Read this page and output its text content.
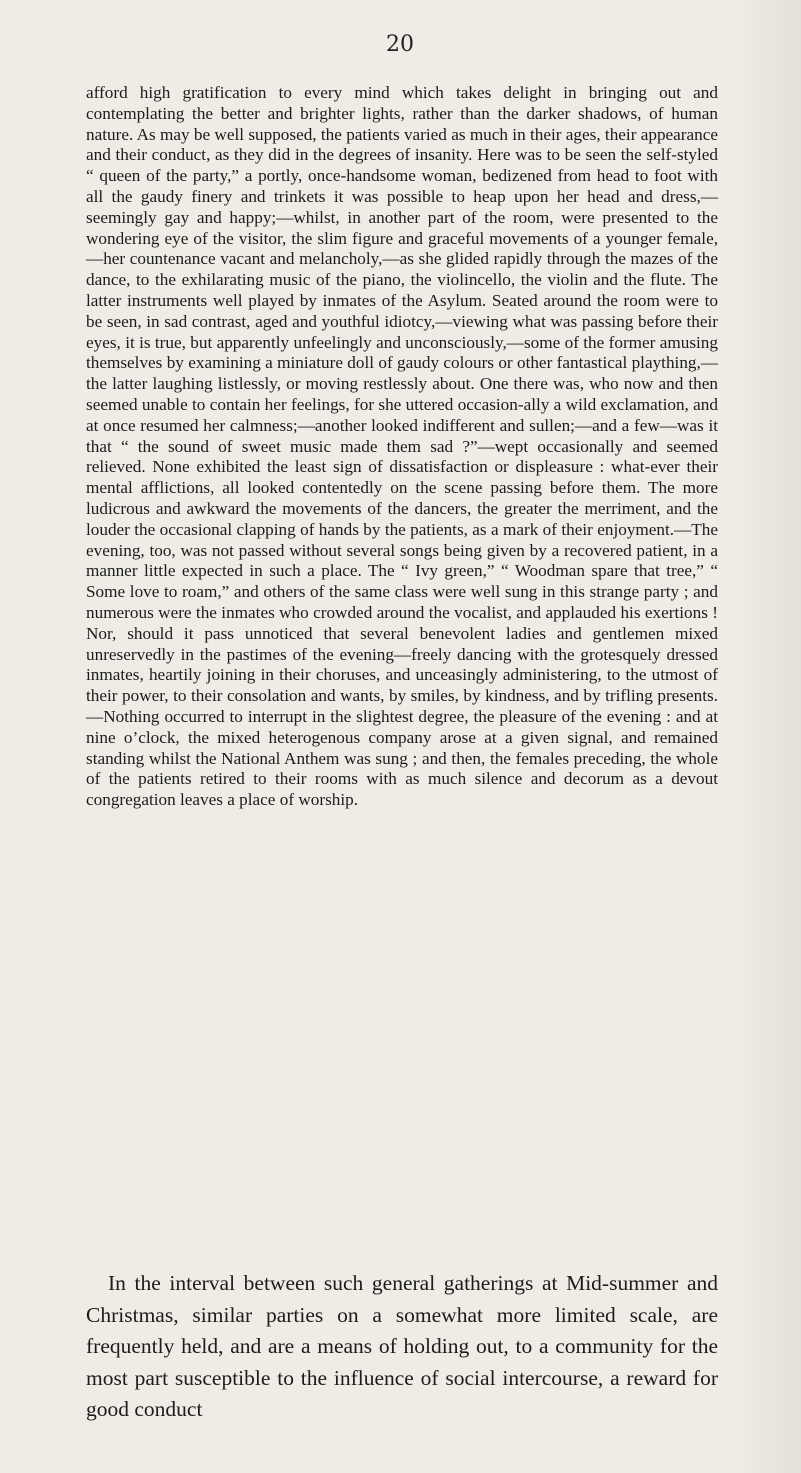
20

afford high gratification to every mind which takes delight in bringing out and contemplating the better and brighter lights, rather than the darker shadows, of human nature. As may be well supposed, the patients varied as much in their ages, their appearance and their conduct, as they did in the degrees of insanity. Here was to be seen the self-styled “ queen of the party,” a portly, once-handsome woman, bedizened from head to foot with all the gaudy finery and trinkets it was possible to heap upon her head and dress,—seemingly gay and happy;—whilst, in another part of the room, were presented to the wondering eye of the visitor, the slim figure and graceful movements of a younger female,—her countenance vacant and melancholy,—as she glided rapidly through the mazes of the dance, to the exhilarating music of the piano, the violincello, the violin and the flute. The latter instruments well played by inmates of the Asylum. Seated around the room were to be seen, in sad contrast, aged and youthful idiotcy,—viewing what was passing before their eyes, it is true, but apparently unfeelingly and unconsciously,—some of the former amusing themselves by examining a miniature doll of gaudy colours or other fantastical plaything,—the latter laughing listlessly, or moving restlessly about. One there was, who now and then seemed unable to contain her feelings, for she uttered occasion-ally a wild exclamation, and at once resumed her calmness;—another looked indifferent and sullen;—and a few—was it that “ the sound of sweet music made them sad ?”—wept occasionally and seemed relieved. None exhibited the least sign of dissatisfaction or displeasure : what-ever their mental afflictions, all looked contentedly on the scene passing before them. The more ludicrous and awkward the movements of the dancers, the greater the merriment, and the louder the occasional clapping of hands by the patients, as a mark of their enjoyment.—The evening, too, was not passed without several songs being given by a recovered patient, in a manner little expected in such a place. The “ Ivy green,” “ Woodman spare that tree,” “ Some love to roam,” and others of the same class were well sung in this strange party ; and numerous were the inmates who crowded around the vocalist, and applauded his exertions ! Nor, should it pass unnoticed that several benevolent ladies and gentlemen mixed unreservedly in the pastimes of the evening—freely dancing with the grotesquely dressed inmates, heartily joining in their choruses, and unceasingly administering, to the utmost of their power, to their consolation and wants, by smiles, by kindness, and by trifling presents.—Nothing occurred to interrupt in the slightest degree, the pleasure of the evening : and at nine o’clock, the mixed heterogenous company arose at a given signal, and remained standing whilst the National Anthem was sung ; and then, the females preceding, the whole of the patients retired to their rooms with as much silence and decorum as a devout congregation leaves a place of worship.

In the interval between such general gatherings at Mid-summer and Christmas, similar parties on a somewhat more limited scale, are frequently held, and are a means of holding out, to a community for the most part susceptible to the influence of social intercourse, a reward for good conduct
